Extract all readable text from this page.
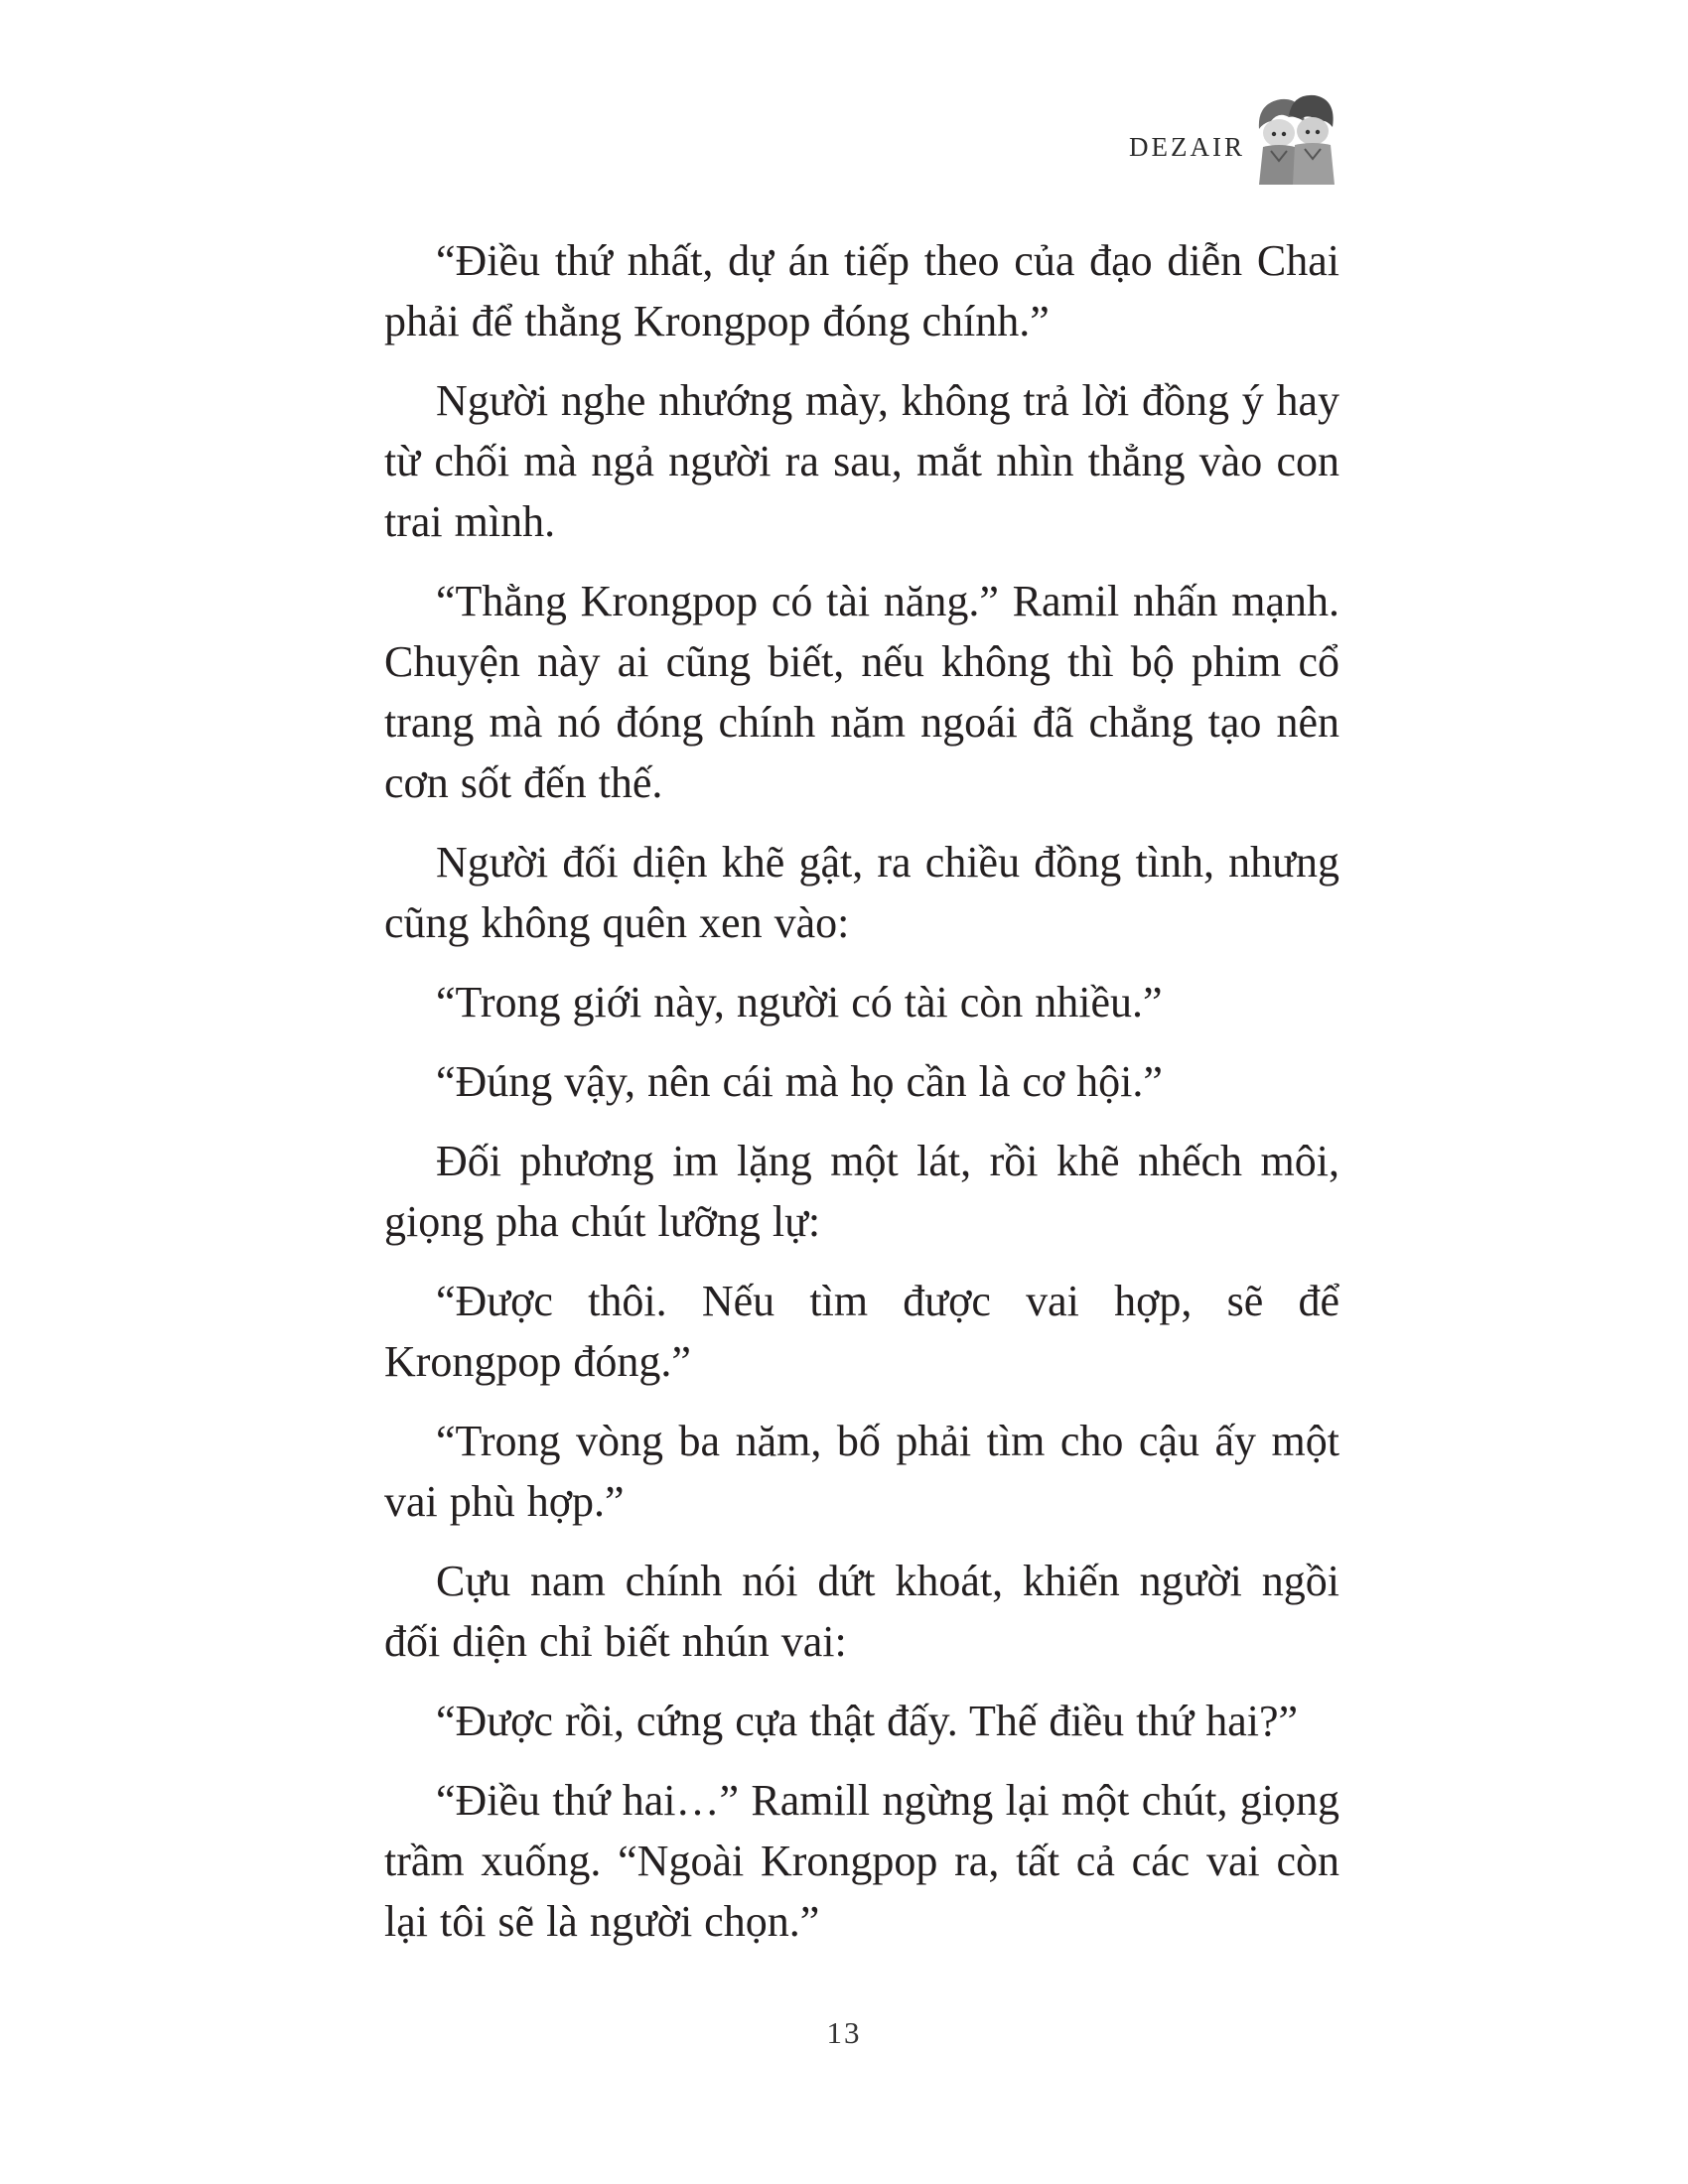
DEZAIR

“Điều thứ nhất, dự án tiếp theo của đạo diễn Chai phải để thằng Krongpop đóng chính.”

Người nghe nhướng mày, không trả lời đồng ý hay từ chối mà ngả người ra sau, mắt nhìn thẳng vào con trai mình.

“Thằng Krongpop có tài năng.” Ramil nhấn mạnh. Chuyện này ai cũng biết, nếu không thì bộ phim cổ trang mà nó đóng chính năm ngoái đã chẳng tạo nên cơn sốt đến thế.

Người đối diện khẽ gật, ra chiều đồng tình, nhưng cũng không quên xen vào:

“Trong giới này, người có tài còn nhiều.”

“Đúng vậy, nên cái mà họ cần là cơ hội.”

Đối phương im lặng một lát, rồi khẽ nhếch môi, giọng pha chút lưỡng lự:

“Được thôi. Nếu tìm được vai hợp, sẽ để Krongpop đóng.”

“Trong vòng ba năm, bố phải tìm cho cậu ấy một vai phù hợp.”

Cựu nam chính nói dứt khoát, khiến người ngồi đối diện chỉ biết nhún vai:

“Được rồi, cứng cựa thật đấy. Thế điều thứ hai?”

“Điều thứ hai…” Ramill ngừng lại một chút, giọng trầm xuống. “Ngoài Krongpop ra, tất cả các vai còn lại tôi sẽ là người chọn.”

13
